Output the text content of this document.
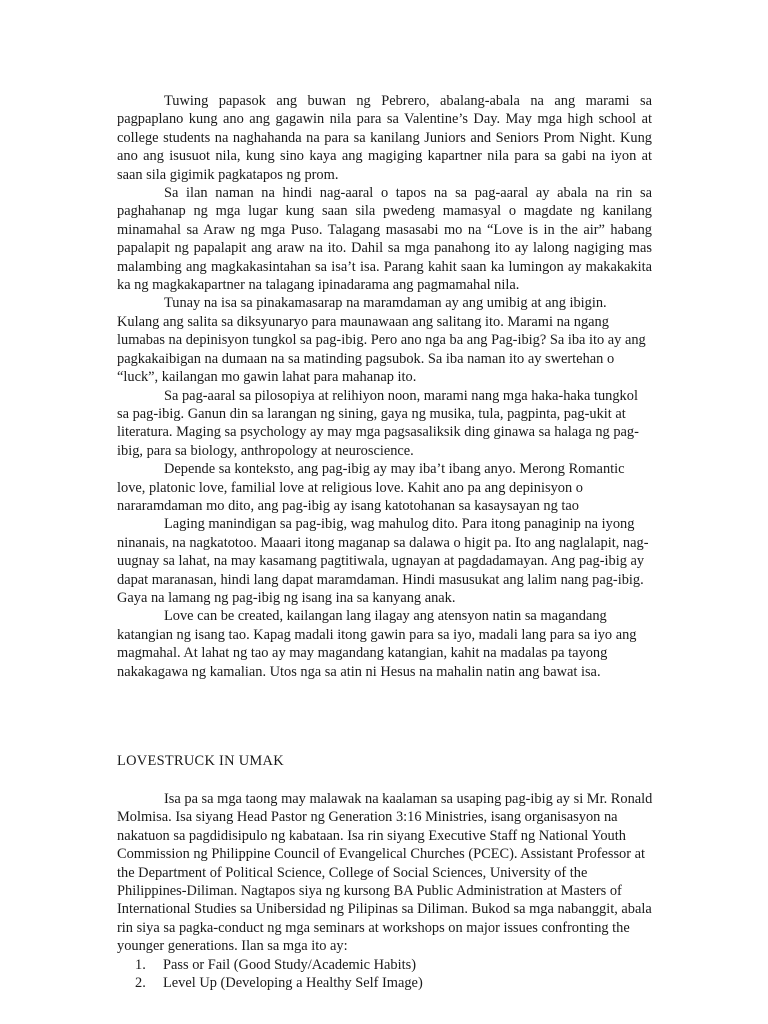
Tuwing papasok ang buwan ng Pebrero, abalang-abala na ang marami sa pagpaplano kung ano ang gagawin nila para sa Valentine’s Day. May mga high school at college students na naghahanda na para sa kanilang Juniors and Seniors Prom Night. Kung ano ang isusuot nila, kung sino kaya ang magiging kapartner nila para sa gabi na iyon at saan sila gigimik pagkatapos ng prom.

Sa ilan naman na hindi nag-aaral o tapos na sa pag-aaral ay abala na rin sa paghahanap ng mga lugar kung saan sila pwedeng mamasyal o magdate ng kanilang minamahal sa Araw ng mga Puso. Talagang masasabi mo na “Love is in the air” habang papalapit ng papalapit ang araw na ito. Dahil sa mga panahong ito ay lalong nagiging mas malambing ang magkakasintahan sa isa’t isa. Parang kahit saan ka lumingon ay makakakita ka ng magkakapartner na talagang ipinadarama ang pagmamahal nila.

Tunay na isa sa pinakamasarap na maramdaman ay ang umibig at ang ibigin. Kulang ang salita sa diksyunaryo para maunawaan ang salitang ito. Marami na ngang lumabas na depinisyon tungkol sa pag-ibig. Pero ano nga ba ang Pag-ibig? Sa iba ito ay ang pagkakaibigan na dumaan na sa matinding pagsubok. Sa iba naman ito ay swertehan o “luck”, kailangan mo gawin lahat para mahanap ito.

Sa pag-aaral sa pilosopiya at relihiyon noon, marami nang mga haka-haka tungkol sa pag-ibig. Ganun din sa larangan ng sining, gaya ng musika, tula, pagpinta, pag-ukit at literatura. Maging sa psychology ay may mga pagsasaliksik ding ginawa sa halaga ng pag-ibig, para sa biology, anthropology at neuroscience.

Depende sa konteksto, ang pag-ibig ay may iba’t ibang anyo. Merong Romantic love, platonic love, familial love at religious love. Kahit ano pa ang depinisyon o nararamdaman mo dito, ang pag-ibig ay isang katotohanan sa kasaysayan ng tao

Laging manindigan sa pag-ibig, wag mahulog dito. Para itong panaginip na iyong ninanais, na nagkatotoo. Maaari itong maganap sa dalawa o higit pa. Ito ang naglalapit, nag-uugnay sa lahat, na may kasamang pagtitiwala, ugnayan at pagdadamayan. Ang pag-ibig ay dapat maranasan, hindi lang dapat maramdaman. Hindi masusukat ang lalim nang pag-ibig. Gaya na lamang ng pag-ibig ng isang ina sa kanyang anak.

Love can be created, kailangan lang ilagay ang atensyon natin sa magandang katangian ng isang tao. Kapag madali itong gawin para sa iyo, madali lang para sa iyo ang magmahal. At lahat ng tao ay may magandang katangian, kahit na madalas pa tayong nakakagawa ng kamalian. Utos nga sa atin ni Hesus na mahalin natin ang bawat isa.

LOVESTRUCK IN UMAK

Isa pa sa mga taong may malawak na kaalaman sa usaping pag-ibig ay si Mr. Ronald Molmisa. Isa siyang Head Pastor ng Generation 3:16 Ministries, isang organisasyon na nakatuon sa pagdidisipulo ng kabataan. Isa rin siyang Executive Staff ng National Youth Commission ng Philippine Council of Evangelical Churches (PCEC). Assistant Professor at the Department of Political Science, College of Social Sciences, University of the Philippines-Diliman. Nagtapos siya ng kursong BA Public Administration at Masters of International Studies sa Unibersidad ng Pilipinas sa Diliman. Bukod sa mga nabanggit, abala rin siya sa pagka-conduct ng mga seminars at workshops on major issues confronting the younger generations. Ilan sa mga ito ay:

1.	Pass or Fail (Good Study/Academic Habits)
2.	Level Up (Developing a Healthy Self Image)
